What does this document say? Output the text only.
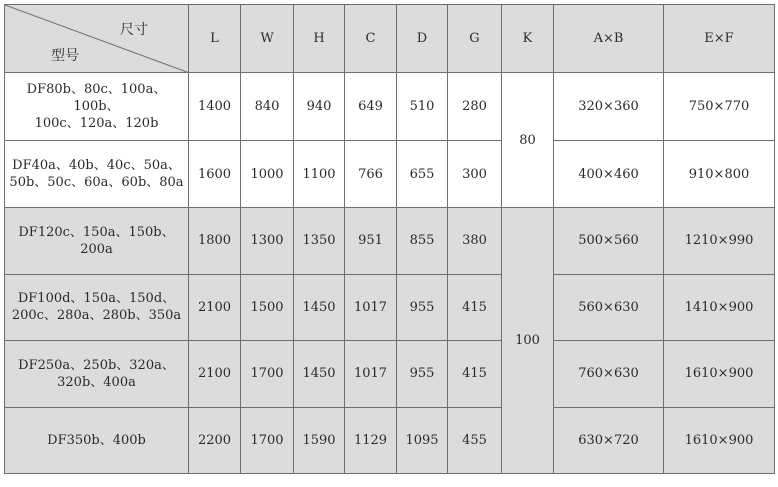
尺寸
型号	L	W	H	C	D	G	K	A×B	E×F
DF80b、80c、100a、100b、
100c、120a、120b	1400	840	940	649	510	280	80	320×360	750×770
DF40a、40b、40c、50a、
50b、50c、60a、60b、80a	1600	1000	1100	766	655	300		400×460	910×800
DF120c、150a、150b、200a	1800	1300	1350	951	855	380	100	500×560	1210×990
DF100d、150a、150d、
200c、280a、280b、350a	2100	1500	1450	1017	955	415		560×630	1410×900
DF250a、250b、320a、
320b、400a	2100	1700	1450	1017	955	415		760×630	1610×900
DF350b、400b	2200	1700	1590	1129	1095	455		630×720	1610×900
